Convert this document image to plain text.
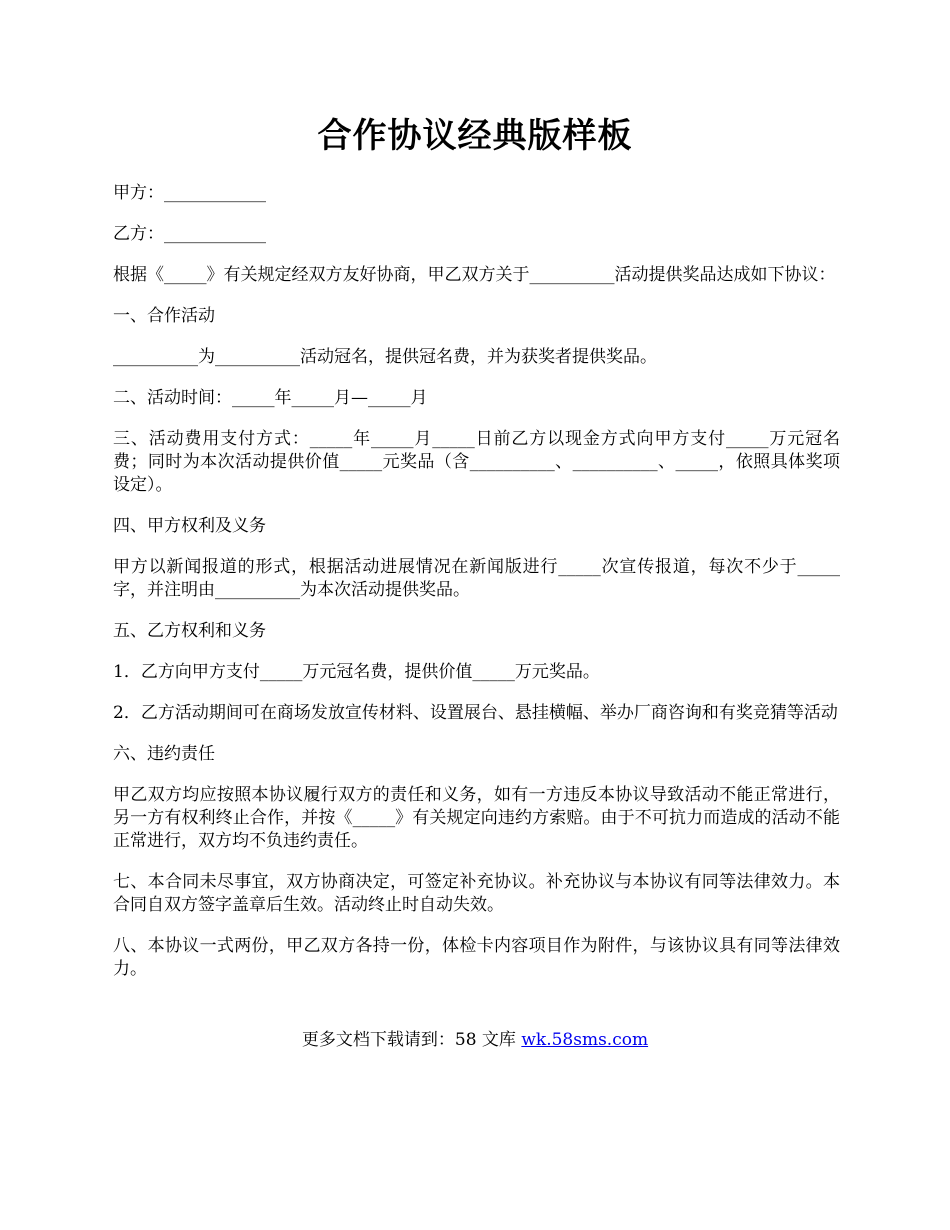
合作协议经典版样板

甲方：____________

乙方：____________

根据《_____》有关规定经双方友好协商，甲乙双方关于__________活动提供奖品达成如下协议：

一、合作活动

__________为__________活动冠名，提供冠名费，并为获奖者提供奖品。

二、活动时间：_____年_____月—_____月

三、活动费用支付方式：_____年_____月_____日前乙方以现金方式向甲方支付_____万元冠名费；同时为本次活动提供价值_____元奖品（含__________、__________、_____，依照具体奖项设定）。

四、甲方权利及义务

甲方以新闻报道的形式，根据活动进展情况在新闻版进行_____次宣传报道，每次不少于_____字，并注明由__________为本次活动提供奖品。

五、乙方权利和义务

1．乙方向甲方支付_____万元冠名费，提供价值_____万元奖品。

2．乙方活动期间可在商场发放宣传材料、设置展台、悬挂横幅、举办厂商咨询和有奖竞猜等活动

六、违约责任

甲乙双方均应按照本协议履行双方的责任和义务，如有一方违反本协议导致活动不能正常进行，另一方有权利终止合作，并按《_____》有关规定向违约方索赔。由于不可抗力而造成的活动不能正常进行，双方均不负违约责任。

七、本合同未尽事宜，双方协商决定，可签定补充协议。补充协议与本协议有同等法律效力。本合同自双方签字盖章后生效。活动终止时自动失效。

八、本协议一式两份，甲乙双方各持一份，体检卡内容项目作为附件，与该协议具有同等法律效力。

更多文档下载请到：58 文库 wk.58sms.com
